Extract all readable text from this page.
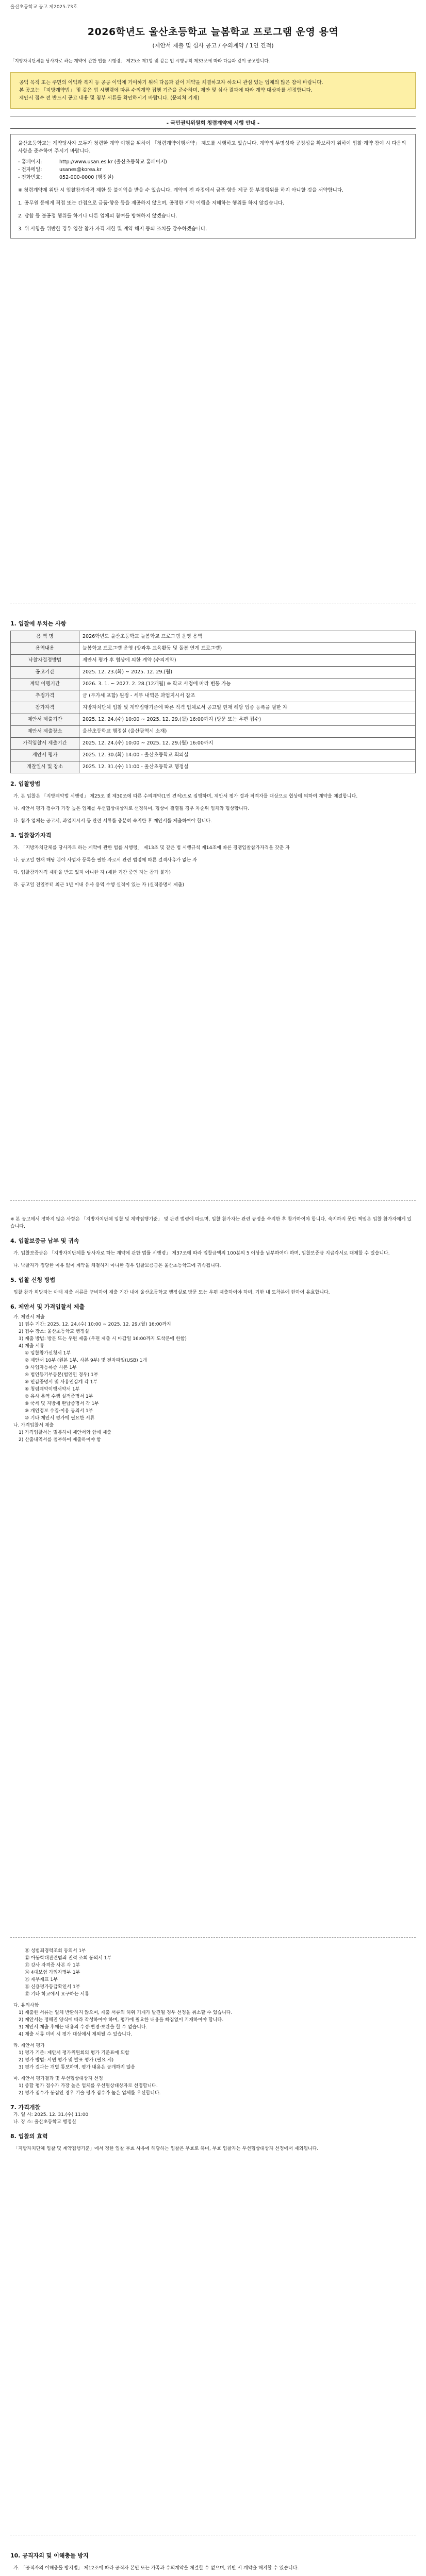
울산초등학교 공고 제2025-73호
2026학년도 울산초등학교 늘봄학교 프로그램 운영 용역
(제안서 제출 및 심사 공고 / 수의계약 / 1인 견적)
「지방자치단체를 당사자로 하는 계약에 관한 법률 시행령」 제25조 제1항 및 같은 법 시행규칙 제33조에 따라 다음과 같이 공고합니다.
공익 목적 또는 주민의 이익과 복지 등 공공 이익에 기여하기 위해 다음과 같이 계약을 체결하고자 하오니 관심 있는 업체의 많은 참여 바랍니다.
본 공고는 「지방계약법」 및 같은 법 시행령에 따른 수의계약 집행 기준을 준수하며, 제안 및 심사 결과에 따라 계약 대상자를 선정합니다.
제안서 접수 전 반드시 공고 내용 및 첨부 서류를 확인하시기 바랍니다. (문의처 기재)
- 국민권익위원회 청렴계약제 시행 안내 -
울산초등학교는 계약당사자 모두가 청렴한 계약 이행을 위하여 「청렴계약이행서약」 제도를 시행하고 있습니다. 계약의 투명성과 공정성을 확보하기 위하여 입찰·계약 참여 시 다음의 사항을 준수하여 주시기 바랍니다.
- 홈페이지:	http://www.usan.es.kr (울산초등학교 홈페이지)
- 전자메일:	usanes@korea.kr
- 전화번호:	052-000-0000 (행정실)
※ 청렴계약제 위반 시 입찰참가자격 제한 등 불이익을 받을 수 있습니다. 계약의 전 과정에서 금품·향응 제공 등 부정행위를 하지 아니할 것을 서약합니다.
1. 공무원 등에게 직접 또는 간접으로 금품·향응 등을 제공하지 않으며, 공정한 계약 이행을 저해하는 행위를 하지 않겠습니다.
2. 담합 등 불공정 행위를 하거나 다른 업체의 참여를 방해하지 않겠습니다.
3. 위 사항을 위반한 경우 입찰 참가 자격 제한 및 계약 해지 등의 조치를 감수하겠습니다.
1. 입찰에 부치는 사항
용 역 명	2026학년도 울산초등학교 늘봄학교 프로그램 운영 용역
용역내용	늘봄학교 프로그램 운영 (방과후 교육활동 및 돌봄 연계 프로그램)
낙찰자결정방법	제안서 평가 후 협상에 의한 계약 (수의계약)
공고기간	2025. 12. 23.(화) ~ 2025. 12. 29.(월)
계약 이행기간	2026. 3. 1. ~ 2027. 2. 28.(12개월) ※ 학교 사정에 따라 변동 가능
추정가격	금 (부가세 포함) 원정 - 세부 내역은 과업지시서 참조
참가자격	지방자치단체 입찰 및 계약집행기준에 따른 적격 업체로서 공고일 현재 해당 업종 등록을 필한 자
제안서 제출기간	2025. 12. 24.(수) 10:00 ~ 2025. 12. 29.(월) 16:00까지 (방문 또는 우편 접수)
제안서 제출장소	울산초등학교 행정실 (울산광역시 소재)
가격입찰서 제출기간	2025. 12. 24.(수) 10:00 ~ 2025. 12. 29.(월) 16:00까지
제안서 평가	2025. 12. 30.(화) 14:00 - 울산초등학교 회의실
개찰일시 및 장소	2025. 12. 31.(수) 11:00 - 울산초등학교 행정실
2. 입찰방법
가. 본 입찰은 「지방계약법 시행령」 제25조 및 제30조에 따른 수의계약(1인 견적)으로 집행하며, 제안서 평가 결과 적격자를 대상으로 협상에 의하여 계약을 체결합니다.
나. 제안서 평가 점수가 가장 높은 업체를 우선협상대상자로 선정하며, 협상이 결렬될 경우 차순위 업체와 협상합니다.
다. 참가 업체는 공고서, 과업지시서 등 관련 서류를 충분히 숙지한 후 제안서를 제출하여야 합니다.
3. 입찰참가자격
가. 「지방자치단체를 당사자로 하는 계약에 관한 법률 시행령」 제13조 및 같은 법 시행규칙 제14조에 따른 경쟁입찰참가자격을 갖춘 자
나. 공고일 현재 해당 분야 사업자 등록을 필한 자로서 관련 법령에 따른 결격사유가 없는 자
다. 입찰참가자격 제한을 받고 있지 아니한 자 (제한 기간 중인 자는 참가 불가)
라. 공고일 전일부터 최근 1년 이내 유사 용역 수행 실적이 있는 자 (실적증명서 제출)
※ 본 공고에서 정하지 않은 사항은 「지방자치단체 입찰 및 계약집행기준」 및 관련 법령에 따르며, 입찰 참가자는 관련 규정을 숙지한 후 참가하여야 합니다. 숙지하지 못한 책임은 입찰 참가자에게 있습니다.
4. 입찰보증금 납부 및 귀속
가. 입찰보증금은 「지방자치단체를 당사자로 하는 계약에 관한 법률 시행령」 제37조에 따라 입찰금액의 100분의 5 이상을 납부하여야 하며, 입찰보증금 지급각서로 대체할 수 있습니다.
나. 낙찰자가 정당한 이유 없이 계약을 체결하지 아니한 경우 입찰보증금은 울산초등학교에 귀속됩니다.
5. 입찰 신청 방법
입찰 참가 희망자는 아래 제출 서류를 구비하여 제출 기간 내에 울산초등학교 행정실로 방문 또는 우편 제출하여야 하며, 기한 내 도착분에 한하여 유효합니다.
6. 제안서 및 가격입찰서 제출
가. 제안서 제출
1) 접수 기간: 2025. 12. 24.(수) 10:00 ~ 2025. 12. 29.(월) 16:00까지
2) 접수 장소: 울산초등학교 행정실
3) 제출 방법: 방문 또는 우편 제출 (우편 제출 시 마감일 16:00까지 도착분에 한함)
4) 제출 서류
① 입찰참가신청서 1부
② 제안서 10부 (원본 1부, 사본 9부) 및 전자파일(USB) 1개
③ 사업자등록증 사본 1부
④ 법인등기부등본(법인인 경우) 1부
⑤ 인감증명서 및 사용인감계 각 1부
⑥ 청렴계약이행서약서 1부
⑦ 유사 용역 수행 실적증명서 1부
⑧ 국세 및 지방세 완납증명서 각 1부
⑨ 개인정보 수집·이용 동의서 1부
⑩ 기타 제안서 평가에 필요한 서류
나. 가격입찰서 제출
1) 가격입찰서는 밀봉하여 제안서와 함께 제출
2) 산출내역서를 첨부하여 제출하여야 함
⑪ 성범죄경력조회 동의서 1부
⑫ 아동학대관련범죄 전력 조회 동의서 1부
⑬ 강사 자격증 사본 각 1부
⑭ 4대보험 가입자명부 1부
⑮ 재무제표 1부
⑯ 신용평가등급확인서 1부
⑰ 기타 학교에서 요구하는 서류
다. 유의사항
1) 제출한 서류는 일체 반환하지 않으며, 제출 서류의 허위 기재가 발견될 경우 선정을 취소할 수 있습니다.
2) 제안서는 정해진 양식에 따라 작성하여야 하며, 평가에 필요한 내용을 빠짐없이 기재하여야 합니다.
3) 제안서 제출 후에는 내용의 수정·변경·보완을 할 수 없습니다.
4) 제출 서류 미비 시 평가 대상에서 제외될 수 있습니다.
라. 제안서 평가
1) 평가 기준: 제안서 평가위원회의 평가 기준표에 의함
2) 평가 방법: 서면 평가 및 발표 평가 (필요 시)
3) 평가 결과는 개별 통보하며, 평가 내용은 공개하지 않음
마. 제안서 평가결과 및 우선협상대상자 선정
1) 종합 평가 점수가 가장 높은 업체를 우선협상대상자로 선정합니다.
2) 평가 점수가 동점인 경우 기술 평가 점수가 높은 업체를 우선합니다.
7. 가격개찰
가. 일 시: 2025. 12. 31.(수) 11:00
나. 장 소: 울산초등학교 행정실
8. 입찰의 효력
「지방자치단체 입찰 및 계약집행기준」에서 정한 입찰 무효 사유에 해당하는 입찰은 무효로 하며, 무효 입찰자는 우선협상대상자 선정에서 제외됩니다.
10. 공직자의 및 이해충돌 방지
가. 「공직자의 이해충돌 방지법」 제12조에 따라 공직자 본인 또는 가족과 수의계약을 체결할 수 없으며, 위반 시 계약을 해지할 수 있습니다.
